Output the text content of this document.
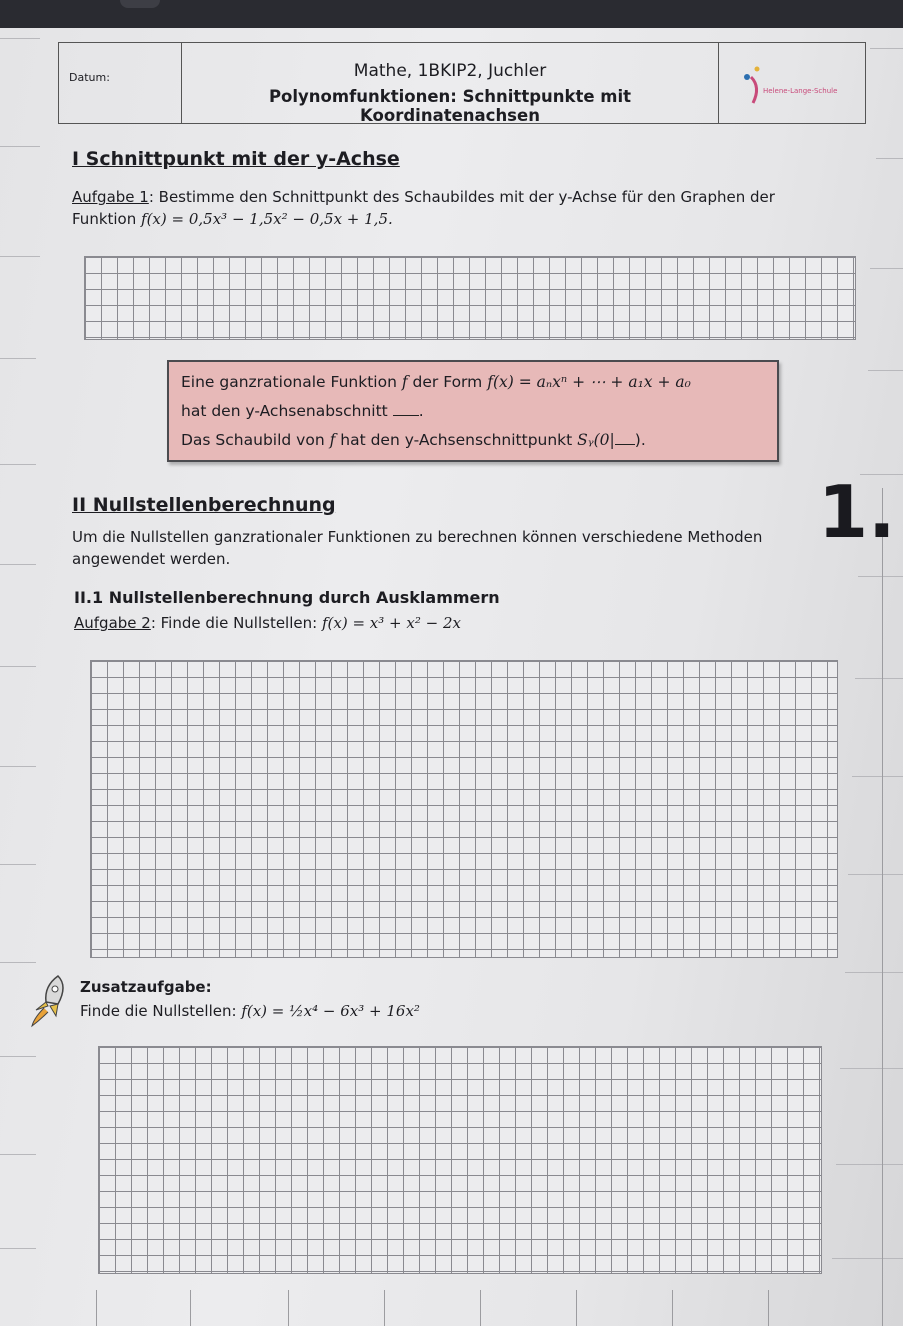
Datum:	Mathe, 1BKIP2, Juchler
Polynomfunktionen: Schnittpunkte mit Koordinatenachsen
Helene-Lange-Schule
I Schnittpunkt mit der y-Achse
Aufgabe 1: Bestimme den Schnittpunkt des Schaubildes mit der y-Achse für den Graphen der
Funktion f(x) = 0,5x³ − 1,5x² − 0,5x + 1,5.
Eine ganzrationale Funktion f der Form f(x) = aₙxⁿ + ⋯ + a₁x + a₀
hat den y-Achsenabschnitt .
Das Schaubild von f hat den y-Achsenschnittpunkt Sᵧ(0| ).
II Nullstellenberechnung	1.
Um die Nullstellen ganzrationaler Funktionen zu berechnen können verschiedene Methoden
angewendet werden.
II.1 Nullstellenberechnung durch Ausklammern
Aufgabe 2: Finde die Nullstellen: f(x) = x³ + x² − 2x
Zusatzaufgabe:
Finde die Nullstellen: f(x) = ½x⁴ − 6x³ + 16x²
